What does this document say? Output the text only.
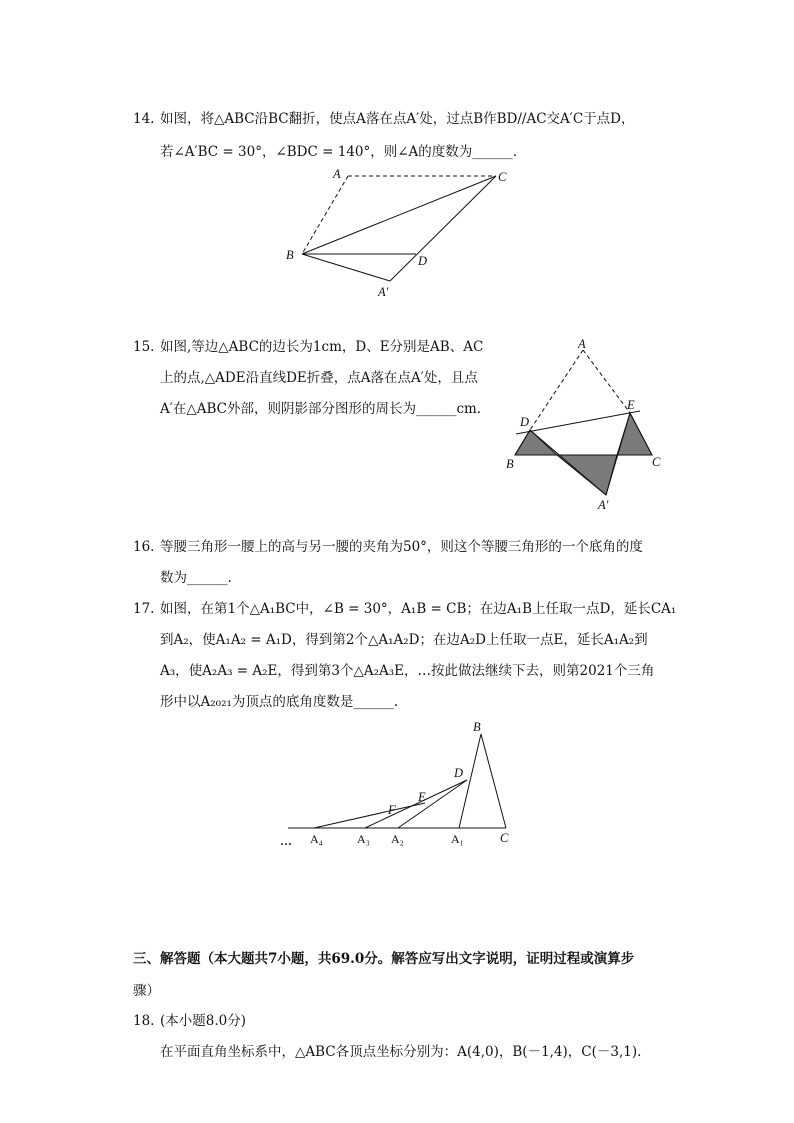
14. 如图，将△ABC沿BC翻折，使点A落在点A′处，过点B作BD//AC交A′C于点D，
若∠A′BC = 30°，∠BDC = 140°，则∠A的度数为______.
15. 如图,等边△ABC的边长为1cm，D、E分别是AB、AC
上的点,△ADE沿直线DE折叠，点A落在点A′处，且点
A′在△ABC外部，则阴影部分图形的周长为______cm.
16. 等腰三角形一腰上的高与另一腰的夹角为50°，则这个等腰三角形的一个底角的度
数为______.
17. 如图，在第1个△A₁BC中，∠B = 30°，A₁B = CB；在边A₁B上任取一点D，延长CA₁
到A₂，使A₁A₂ = A₁D，得到第2个△A₁A₂D；在边A₂D上任取一点E，延长A₁A₂到
A₃，使A₂A₃ = A₂E，得到第3个△A₂A₃E，…按此做法继续下去，则第2021个三角
形中以A₂₀₂₁为顶点的底角度数是______.
三、解答题（本大题共7小题，共69.0分。解答应写出文字说明，证明过程或演算步
骤）
18. (本小题8.0分)
在平面直角坐标系中，△ABC各顶点坐标分别为：A(4,0)，B(－1,4)，C(－3,1).
A	C
B	D
A′
A
D
E
B	C
A′
B
D
E
F
… A₄	A₃ A₂	A₁	C
